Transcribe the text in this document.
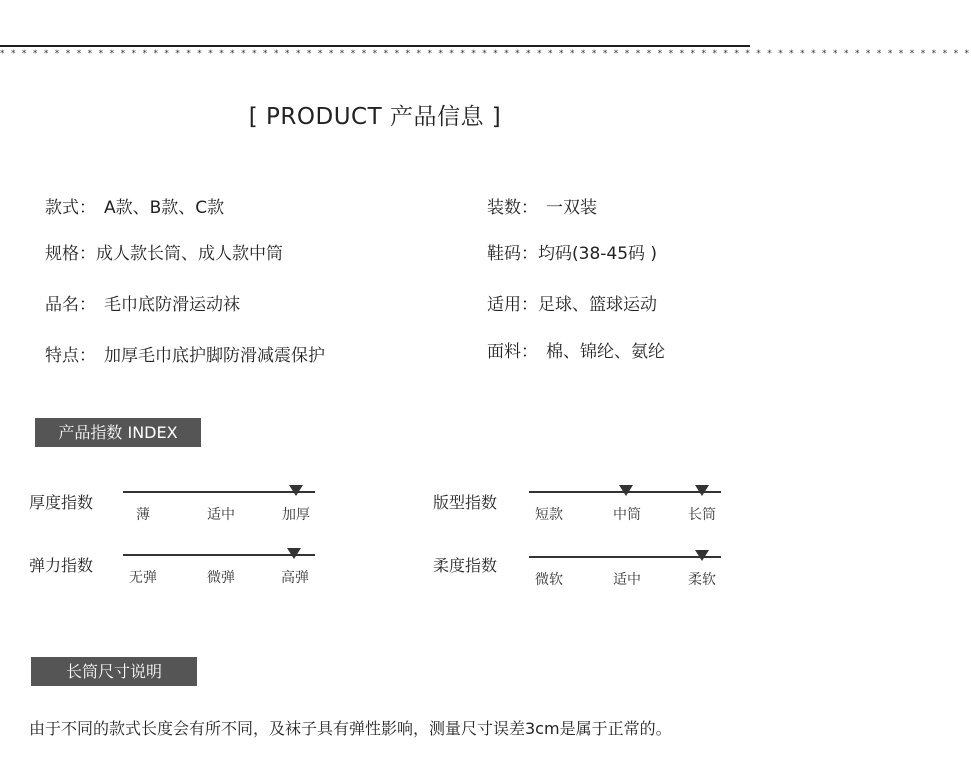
* * * * * * * * * * * * * * * * * * * * * * * * * * * * * * * * * * * * * * * * * * * * * * * * * * * * * * * * * * * * * * * * * * * * * * * * * * * * * * * * * * * * * * * * *
[ PRODUCT 产品信息 ]
款式： A款、B款、C款
规格：成人款长筒、成人款中筒
品名： 毛巾底防滑运动袜
特点： 加厚毛巾底护脚防滑减震保护
装数： 一双装
鞋码：均码(38-45码 )
适用：足球、篮球运动
面料： 棉、锦纶、氨纶
产品指数 INDEX
厚度指数
薄	适中	加厚
弹力指数
无弹	微弹	高弹
版型指数
短款	中筒	长筒
柔度指数
微软	适中	柔软
长筒尺寸说明
由于不同的款式长度会有所不同，及袜子具有弹性影响，测量尺寸误差3cm是属于正常的。
